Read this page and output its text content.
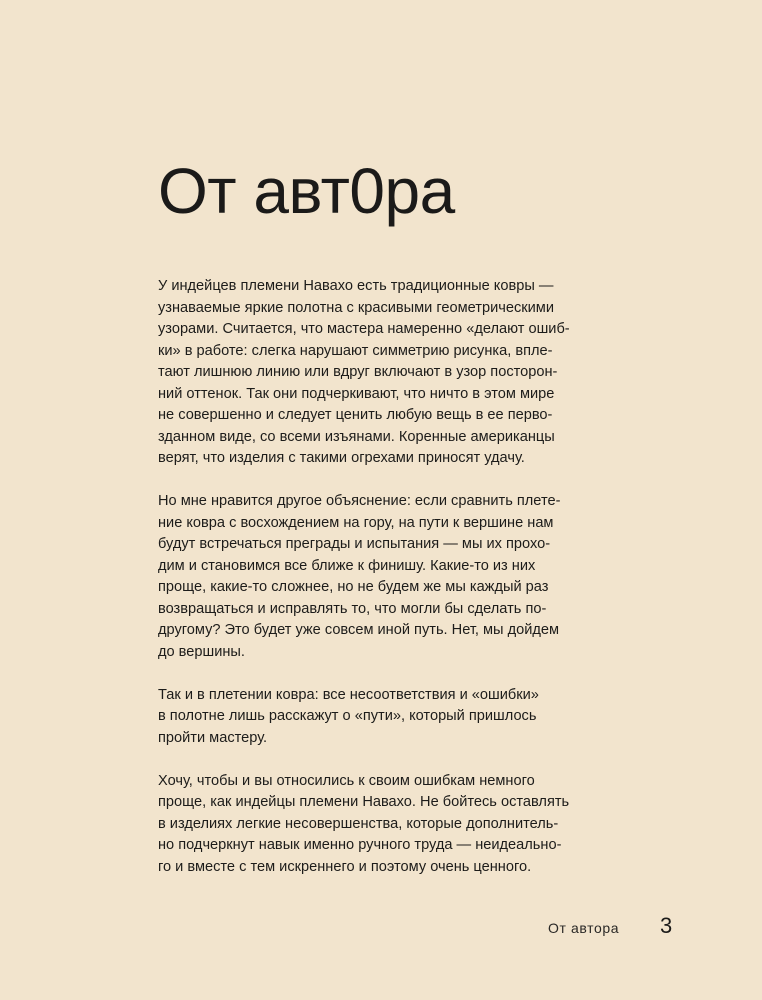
От авт0ра

У индейцев племени Навахо есть традиционные ковры —
узнаваемые яркие полотна с красивыми геометрическими
узорами. Считается, что мастера намеренно «делают ошиб-
ки» в работе: слегка нарушают симметрию рисунка, впле-
тают лишнюю линию или вдруг включают в узор посторон-
ний оттенок. Так они подчеркивают, что ничто в этом мире
не совершенно и следует ценить любую вещь в ее перво-
зданном виде, со всеми изъянами. Коренные американцы
верят, что изделия с такими огрехами приносят удачу.

Но мне нравится другое объяснение: если сравнить плете-
ние ковра с восхождением на гору, на пути к вершине нам
будут встречаться преграды и испытания — мы их прохо-
дим и становимся все ближе к финишу. Какие-то из них
проще, какие-то сложнее, но не будем же мы каждый раз
возвращаться и исправлять то, что могли бы сделать по-
другому? Это будет уже совсем иной путь. Нет, мы дойдем
до вершины.

Так и в плетении ковра: все несоответствия и «ошибки»
в полотне лишь расскажут о «пути», который пришлось
пройти мастеру.

Хочу, чтобы и вы относились к своим ошибкам немного
проще, как индейцы племени Навахо. Не бойтесь оставлять
в изделиях легкие несовершенства, которые дополнитель-
но подчеркнут навык именно ручного труда — неидеально-
го и вместе с тем искреннего и поэтому очень ценного.

От автора 3
